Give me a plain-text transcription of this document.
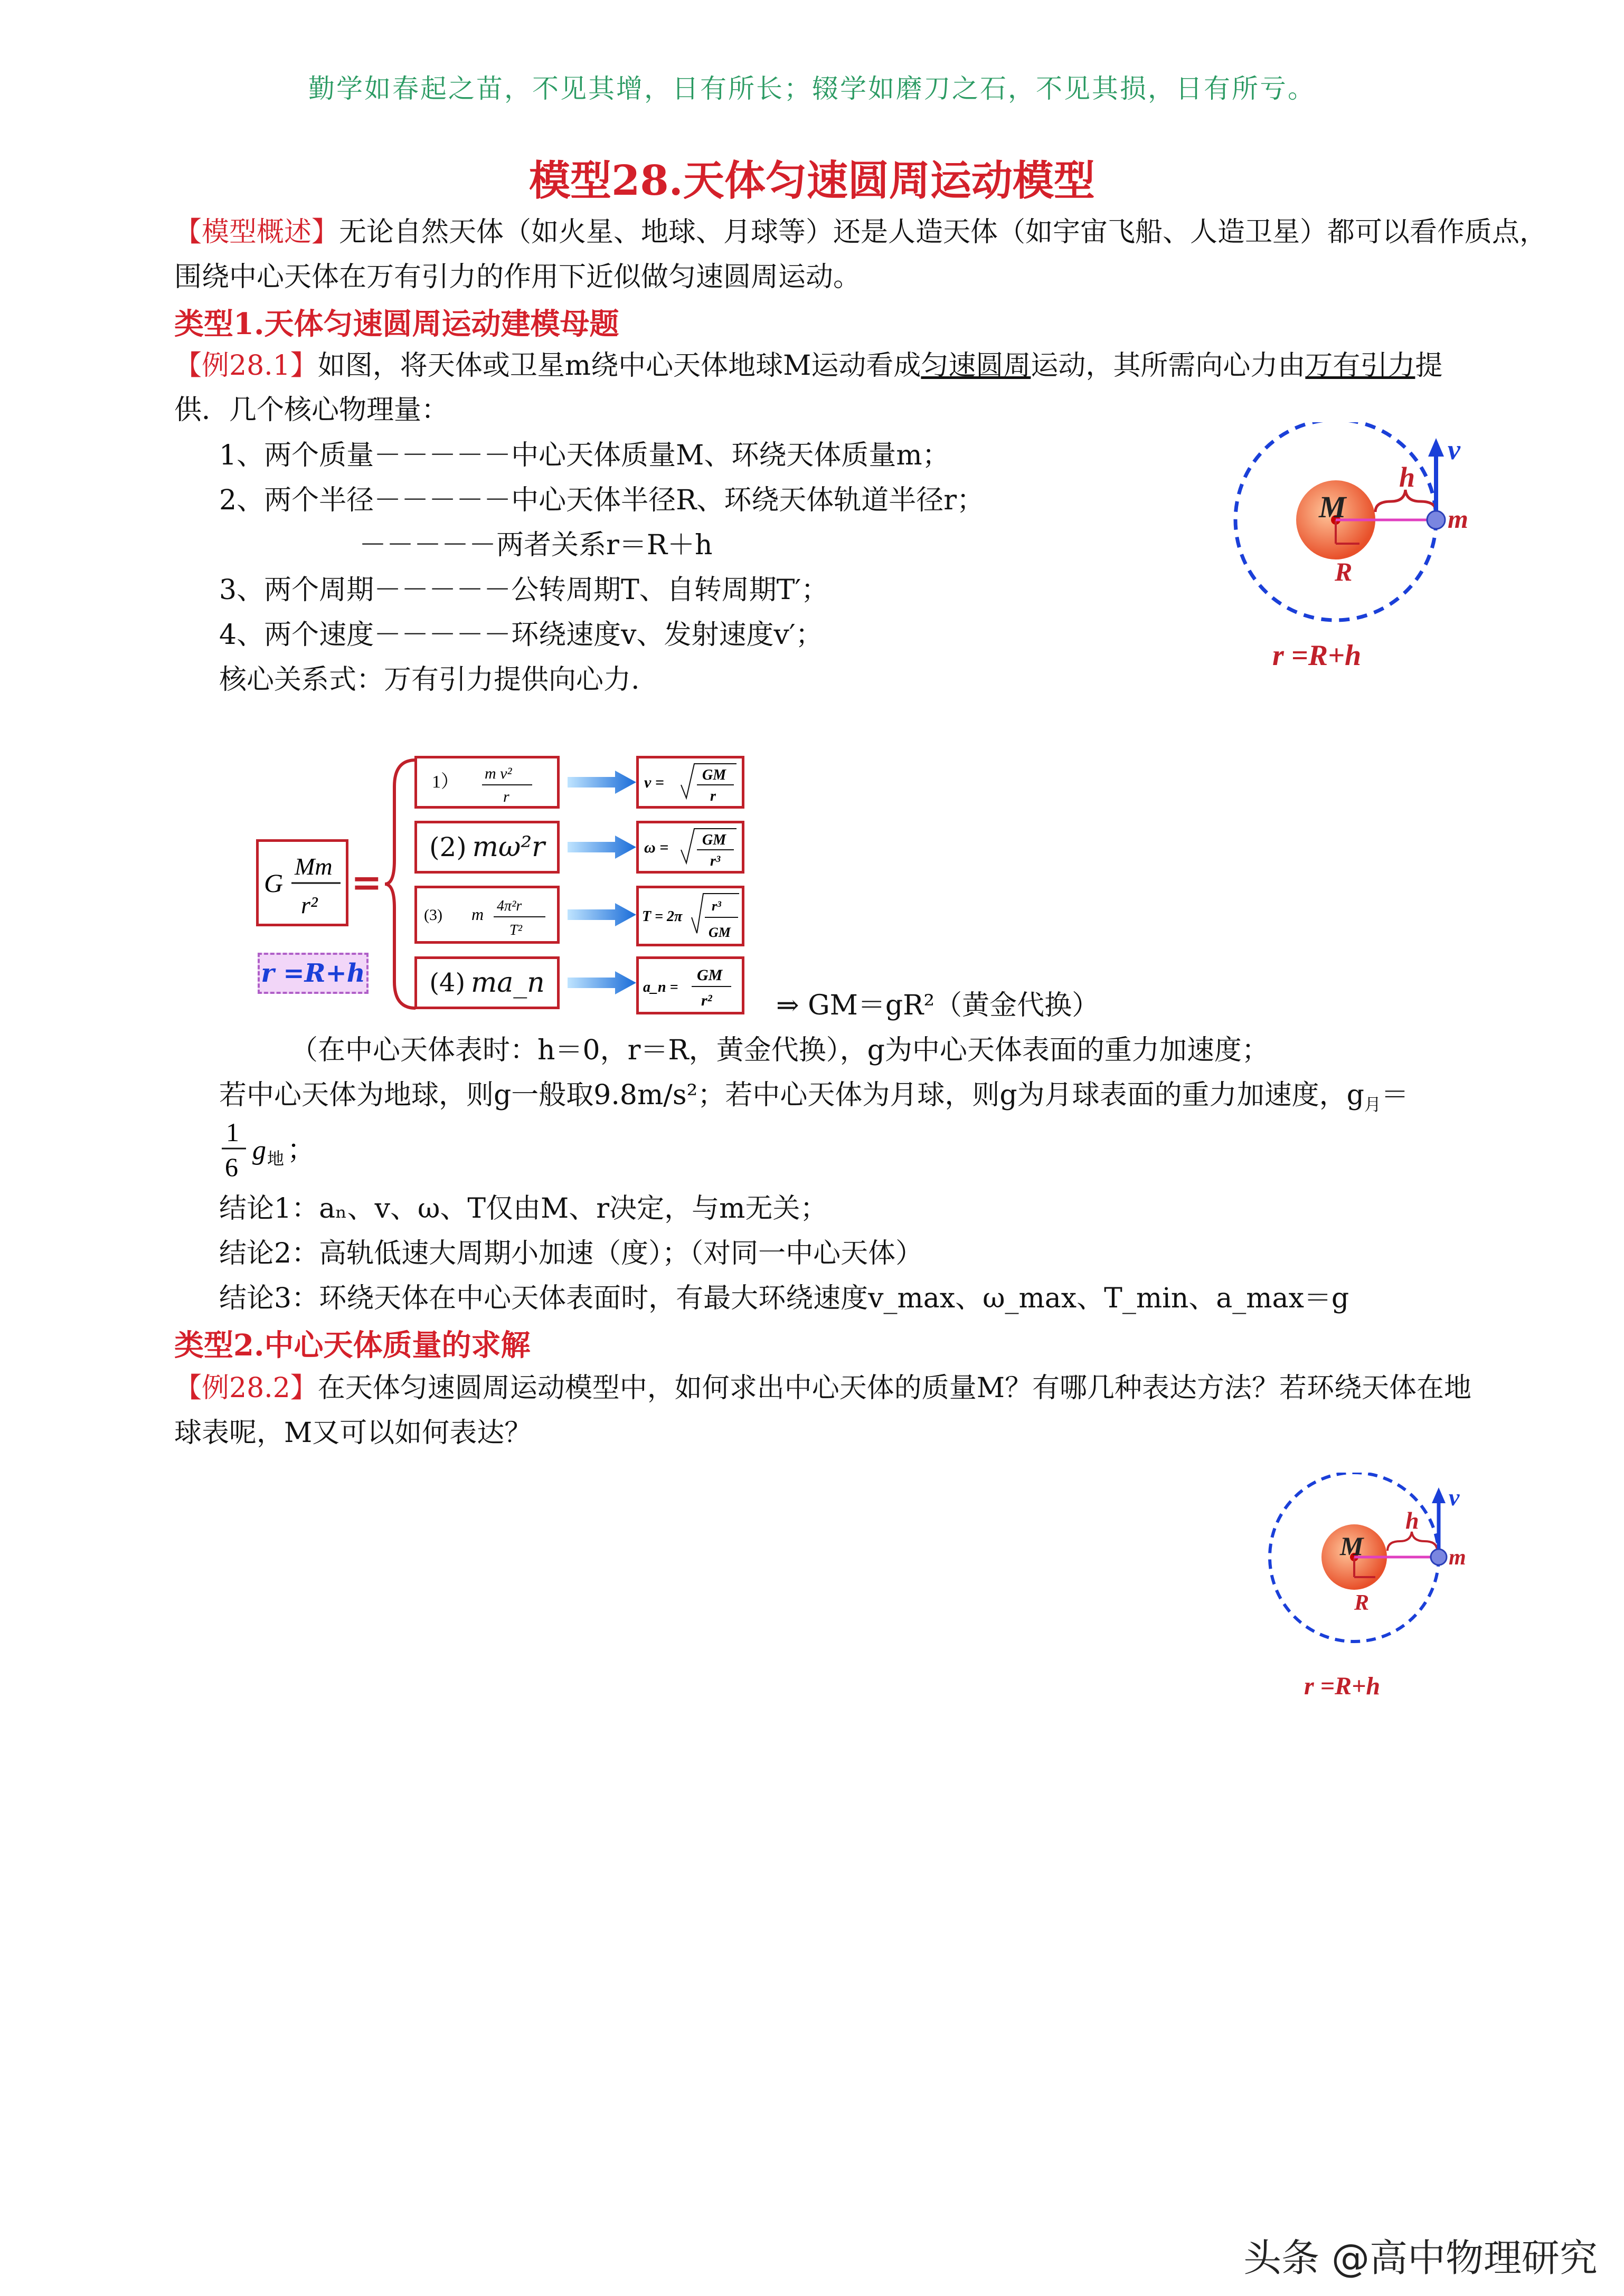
勤学如春起之苗，不见其增，日有所长；辍学如磨刀之石，不见其损，日有所亏。
模型28.天体匀速圆周运动模型
【模型概述】无论自然天体（如火星、地球、月球等）还是人造天体（如宇宙飞船、人造卫星）都可以看作质点，
围绕中心天体在万有引力的作用下近似做匀速圆周运动。
类型1.天体匀速圆周运动建模母题
【例28.1】如图，将天体或卫星m绕中心天体地球M运动看成匀速圆周运动，其所需向心力由万有引力提
供．几个核心物理量：
1、两个质量－－－－－中心天体质量M、环绕天体质量m；
2、两个半径－－－－－中心天体半径R、环绕天体轨道半径r；
－－－－－两者关系r＝R＋h
3、两个周期－－－－－公转周期T、自转周期T′；
4、两个速度－－－－－环绕速度v、发射速度v′；
核心关系式：万有引力提供向心力.
M
h
v
m
R
r =R+h
G
Mm
r²
=
r =R+h
1） m v²
r
v =	GM
r
(2)
mω²r	ω = GM
r³
(3) m 4π²r
T²
T = 2π
r³
GM
(4)
ma_n	a_n =
GM
r² ⇒ GM＝gR²（黄金代换）
（在中心天体表时：h＝0，r＝R，黄金代换），g为中心天体表面的重力加速度；
若中心天体为地球，则g一般取9.8m/s²；若中心天体为月球，则g为月球表面的重力加速度，$g_月=$
1
6
g 地 ；
结论1：aₙ、v、ω、T仅由M、r决定，与m无关；
结论2：高轨低速大周期小加速（度）；（对同一中心天体）
结论3：环绕天体在中心天体表面时，有最大环绕速度v_max、ω_max、T_min、a_max＝g
类型2.中心天体质量的求解
【例28.2】在天体匀速圆周运动模型中，如何求出中心天体的质量M？有哪几种表达方法？若环绕天体在地
球表呢，M又可以如何表达？
M
h
v
m
R
r =R+h
头条 @高中物理研究
